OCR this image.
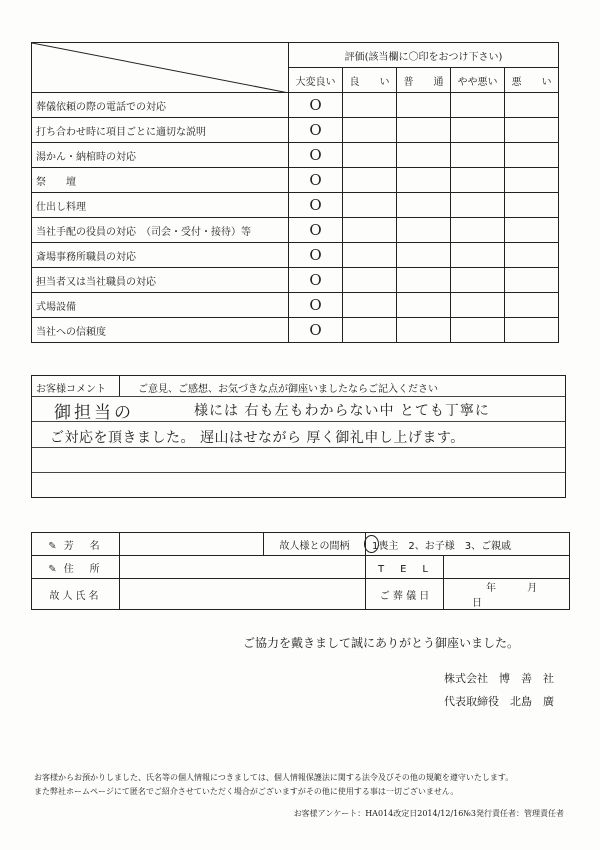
	評価(該当欄に〇印をおつけ下さい)				
	大変良い	良　　い	普　　通	やや悪い	悪　　い
葬儀依頼の際の電話での対応	O				
打ち合わせ時に項目ごとに適切な説明	O				
湯かん・納棺時の対応	O				
祭　　壇	O				
仕出し料理	O				
当社手配の役員の対応　（司会・受付・接待）等	O				
斎場事務所職員の対応	O				
担当者又は当社職員の対応	O				
式場設備	O				
当社への信頼度	O				
お客様コメント	ご意見、ご感想、お気づきな点が御座いましたならご記入ください
御担当の	様には 右も左もわからない中 とても丁寧に
ご対応を頂きました。 遅山はせながら 厚く御礼申し上げます。
✎ 芳　名		故人様との間柄	1喪主　2、お子様　3、ご親戚	
✎ 住　所			T　E　L	
故人氏名			ご 葬 儀 日	年 月 日
ご協力を戴きまして誠にありがとう御座いました。
株式会社　博　善　社
代表取締役　北島　廣
お客様からお預かりしました、氏名等の個人情報につきましては、個人情報保護法に関する法令及びその他の規範を遵守いたします。
また弊社ホームページにて匿名でご紹介させていただく場合がございますがその他に使用する事は一切ございません。
お客様アンケート：HA014改定日2014/12/16№3発行責任者：管理責任者
